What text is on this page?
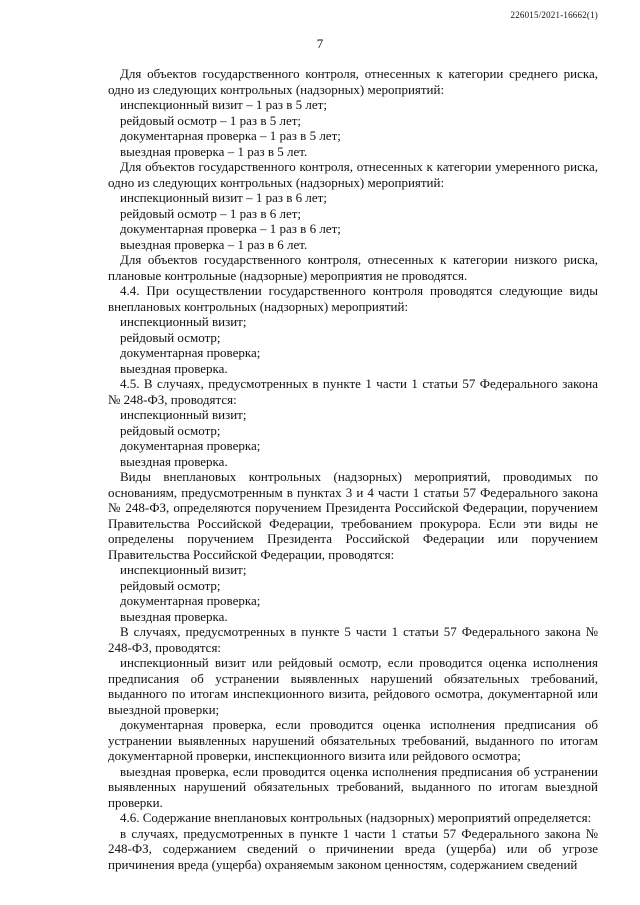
226015/2021-16662(1)
7

Для объектов государственного контроля, отнесенных к категории среднего риска, одно из следующих контрольных (надзорных) мероприятий:

инспекционный визит – 1 раз в 5 лет;

рейдовый осмотр – 1 раз в 5 лет;

документарная проверка – 1 раз в 5 лет;

выездная проверка – 1 раз в 5 лет.

Для объектов государственного контроля, отнесенных к категории умеренного риска, одно из следующих контрольных (надзорных) мероприятий:

инспекционный визит – 1 раз в 6 лет;

рейдовый осмотр – 1 раз в 6 лет;

документарная проверка – 1 раз в 6 лет;

выездная проверка – 1 раз в 6 лет.

Для объектов государственного контроля, отнесенных к категории низкого риска, плановые контрольные (надзорные) мероприятия не проводятся.

4.4. При осуществлении государственного контроля проводятся следующие виды внеплановых контрольных (надзорных) мероприятий:

инспекционный визит;

рейдовый осмотр;

документарная проверка;

выездная проверка.

4.5. В случаях, предусмотренных в пункте 1 части 1 статьи 57 Федерального закона № 248-ФЗ, проводятся:

инспекционный визит;

рейдовый осмотр;

документарная проверка;

выездная проверка.

Виды внеплановых контрольных (надзорных) мероприятий, проводимых по основаниям, предусмотренным в пунктах 3 и 4 части 1 статьи 57 Федерального закона № 248-ФЗ, определяются поручением Президента Российской Федерации, поручением Правительства Российской Федерации, требованием прокурора. Если эти виды не определены поручением Президента Российской Федерации или поручением Правительства Российской Федерации, проводятся:

инспекционный визит;

рейдовый осмотр;

документарная проверка;

выездная проверка.

В случаях, предусмотренных в пункте 5 части 1 статьи 57 Федерального закона № 248-ФЗ, проводятся:

инспекционный визит или рейдовый осмотр, если проводится оценка исполнения предписания об устранении выявленных нарушений обязательных требований, выданного по итогам инспекционного визита, рейдового осмотра, документарной или выездной проверки;

документарная проверка, если проводится оценка исполнения предписания об устранении выявленных нарушений обязательных требований, выданного по итогам документарной проверки, инспекционного визита или рейдового осмотра;

выездная проверка, если проводится оценка исполнения предписания об устранении выявленных нарушений обязательных требований, выданного по итогам выездной проверки.

4.6. Содержание внеплановых контрольных (надзорных) мероприятий определяется:

в случаях, предусмотренных в пункте 1 части 1 статьи 57 Федерального закона № 248-ФЗ, содержанием сведений о причинении вреда (ущерба) или об угрозе причинения вреда (ущерба) охраняемым законом ценностям, содержанием сведений
